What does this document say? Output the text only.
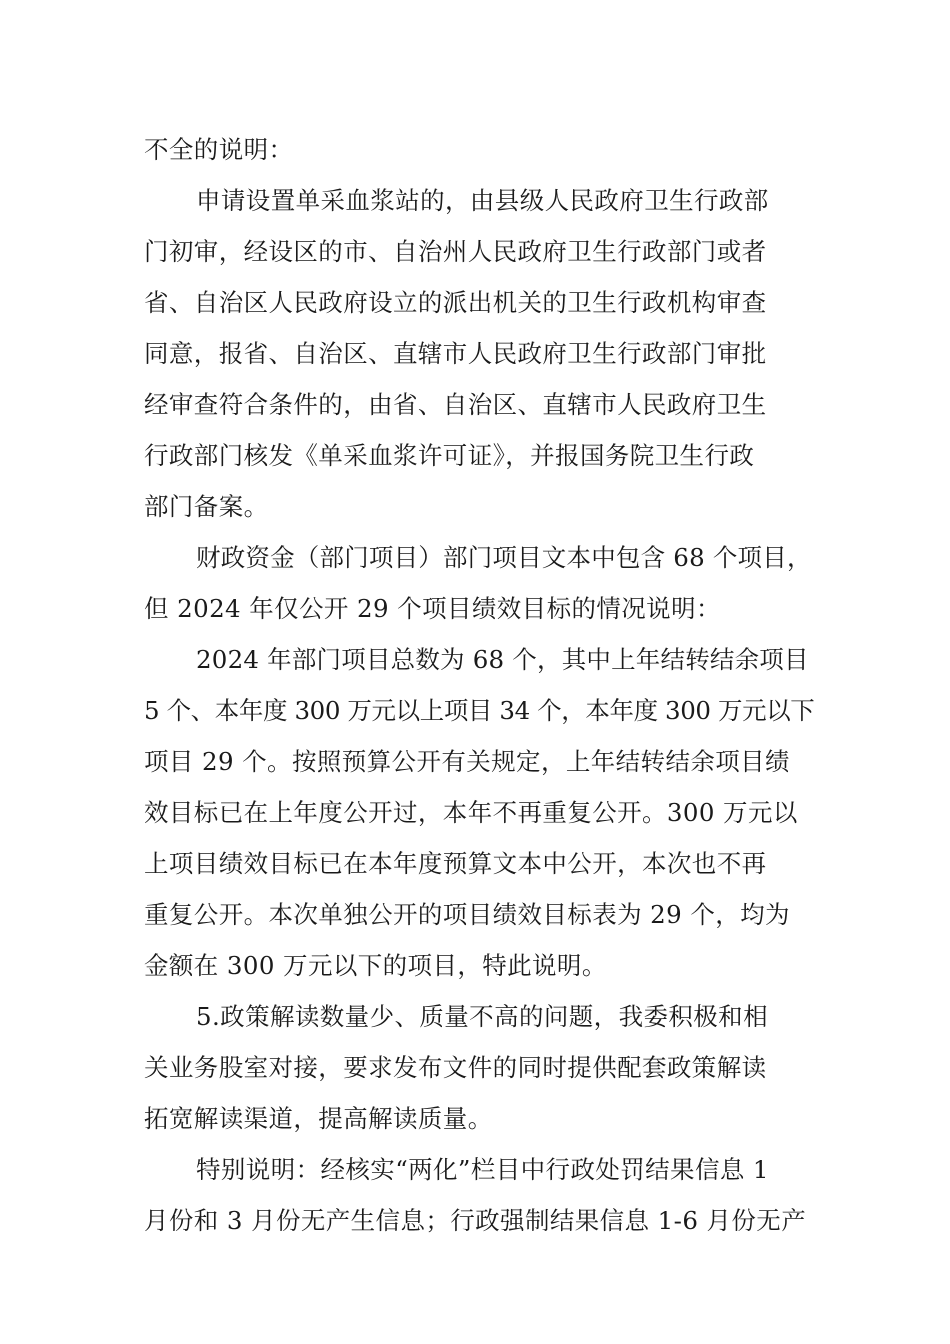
不全的说明：
申请设置单采血浆站的，由县级人民政府卫生行政部
门初审，经设区的市、自治州人民政府卫生行政部门或者
省、自治区人民政府设立的派出机关的卫生行政机构审查
同意，报省、自治区、直辖市人民政府卫生行政部门审批
经审查符合条件的，由省、自治区、直辖市人民政府卫生
行政部门核发《单采血浆许可证》，并报国务院卫生行政
部门备案。
财政资金（部门项目）部门项目文本中包含 68 个项目，
但 2024 年仅公开 29 个项目绩效目标的情况说明：
2024 年部门项目总数为 68 个，其中上年结转结余项目
5 个、本年度 300 万元以上项目 34 个，本年度 300 万元以下
项目 29 个。按照预算公开有关规定，上年结转结余项目绩
效目标已在上年度公开过，本年不再重复公开。300 万元以
上项目绩效目标已在本年度预算文本中公开，本次也不再
重复公开。本次单独公开的项目绩效目标表为 29 个，均为
金额在 300 万元以下的项目，特此说明。
5.政策解读数量少、质量不高的问题，我委积极和相
关业务股室对接，要求发布文件的同时提供配套政策解读
拓宽解读渠道，提高解读质量。
特别说明：经核实“两化”栏目中行政处罚结果信息 1
月份和 3 月份无产生信息；行政强制结果信息 1-6 月份无产
